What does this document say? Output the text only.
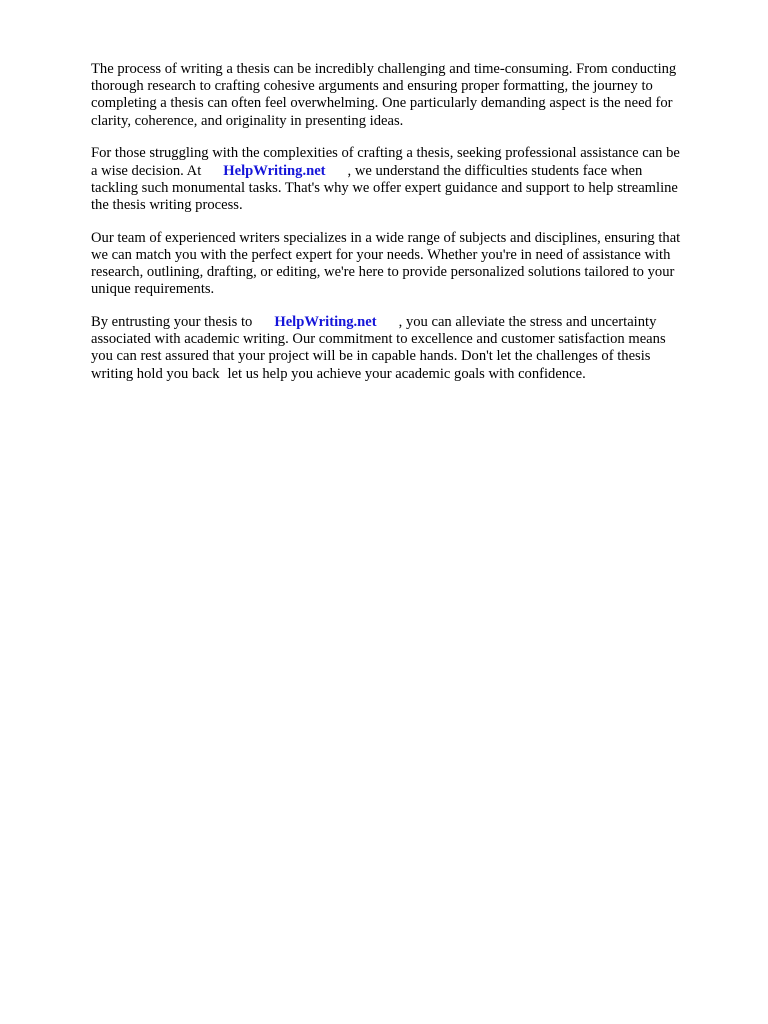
The process of writing a thesis can be incredibly challenging and time-consuming. From conducting
thorough research to crafting cohesive arguments and ensuring proper formatting, the journey to
completing a thesis can often feel overwhelming. One particularly demanding aspect is the need for
clarity, coherence, and originality in presenting ideas.

For those struggling with the complexities of crafting a thesis, seeking professional assistance can be
a wise decision. At HelpWriting.net , we understand the difficulties students face when
tackling such monumental tasks. That's why we offer expert guidance and support to help streamline
the thesis writing process.

Our team of experienced writers specializes in a wide range of subjects and disciplines, ensuring that
we can match you with the perfect expert for your needs. Whether you're in need of assistance with
research, outlining, drafting, or editing, we're here to provide personalized solutions tailored to your
unique requirements.

By entrusting your thesis to HelpWriting.net , you can alleviate the stress and uncertainty
associated with academic writing. Our commitment to excellence and customer satisfaction means
you can rest assured that your project will be in capable hands. Don't let the challenges of thesis
writing hold you back let us help you achieve your academic goals with confidence.
